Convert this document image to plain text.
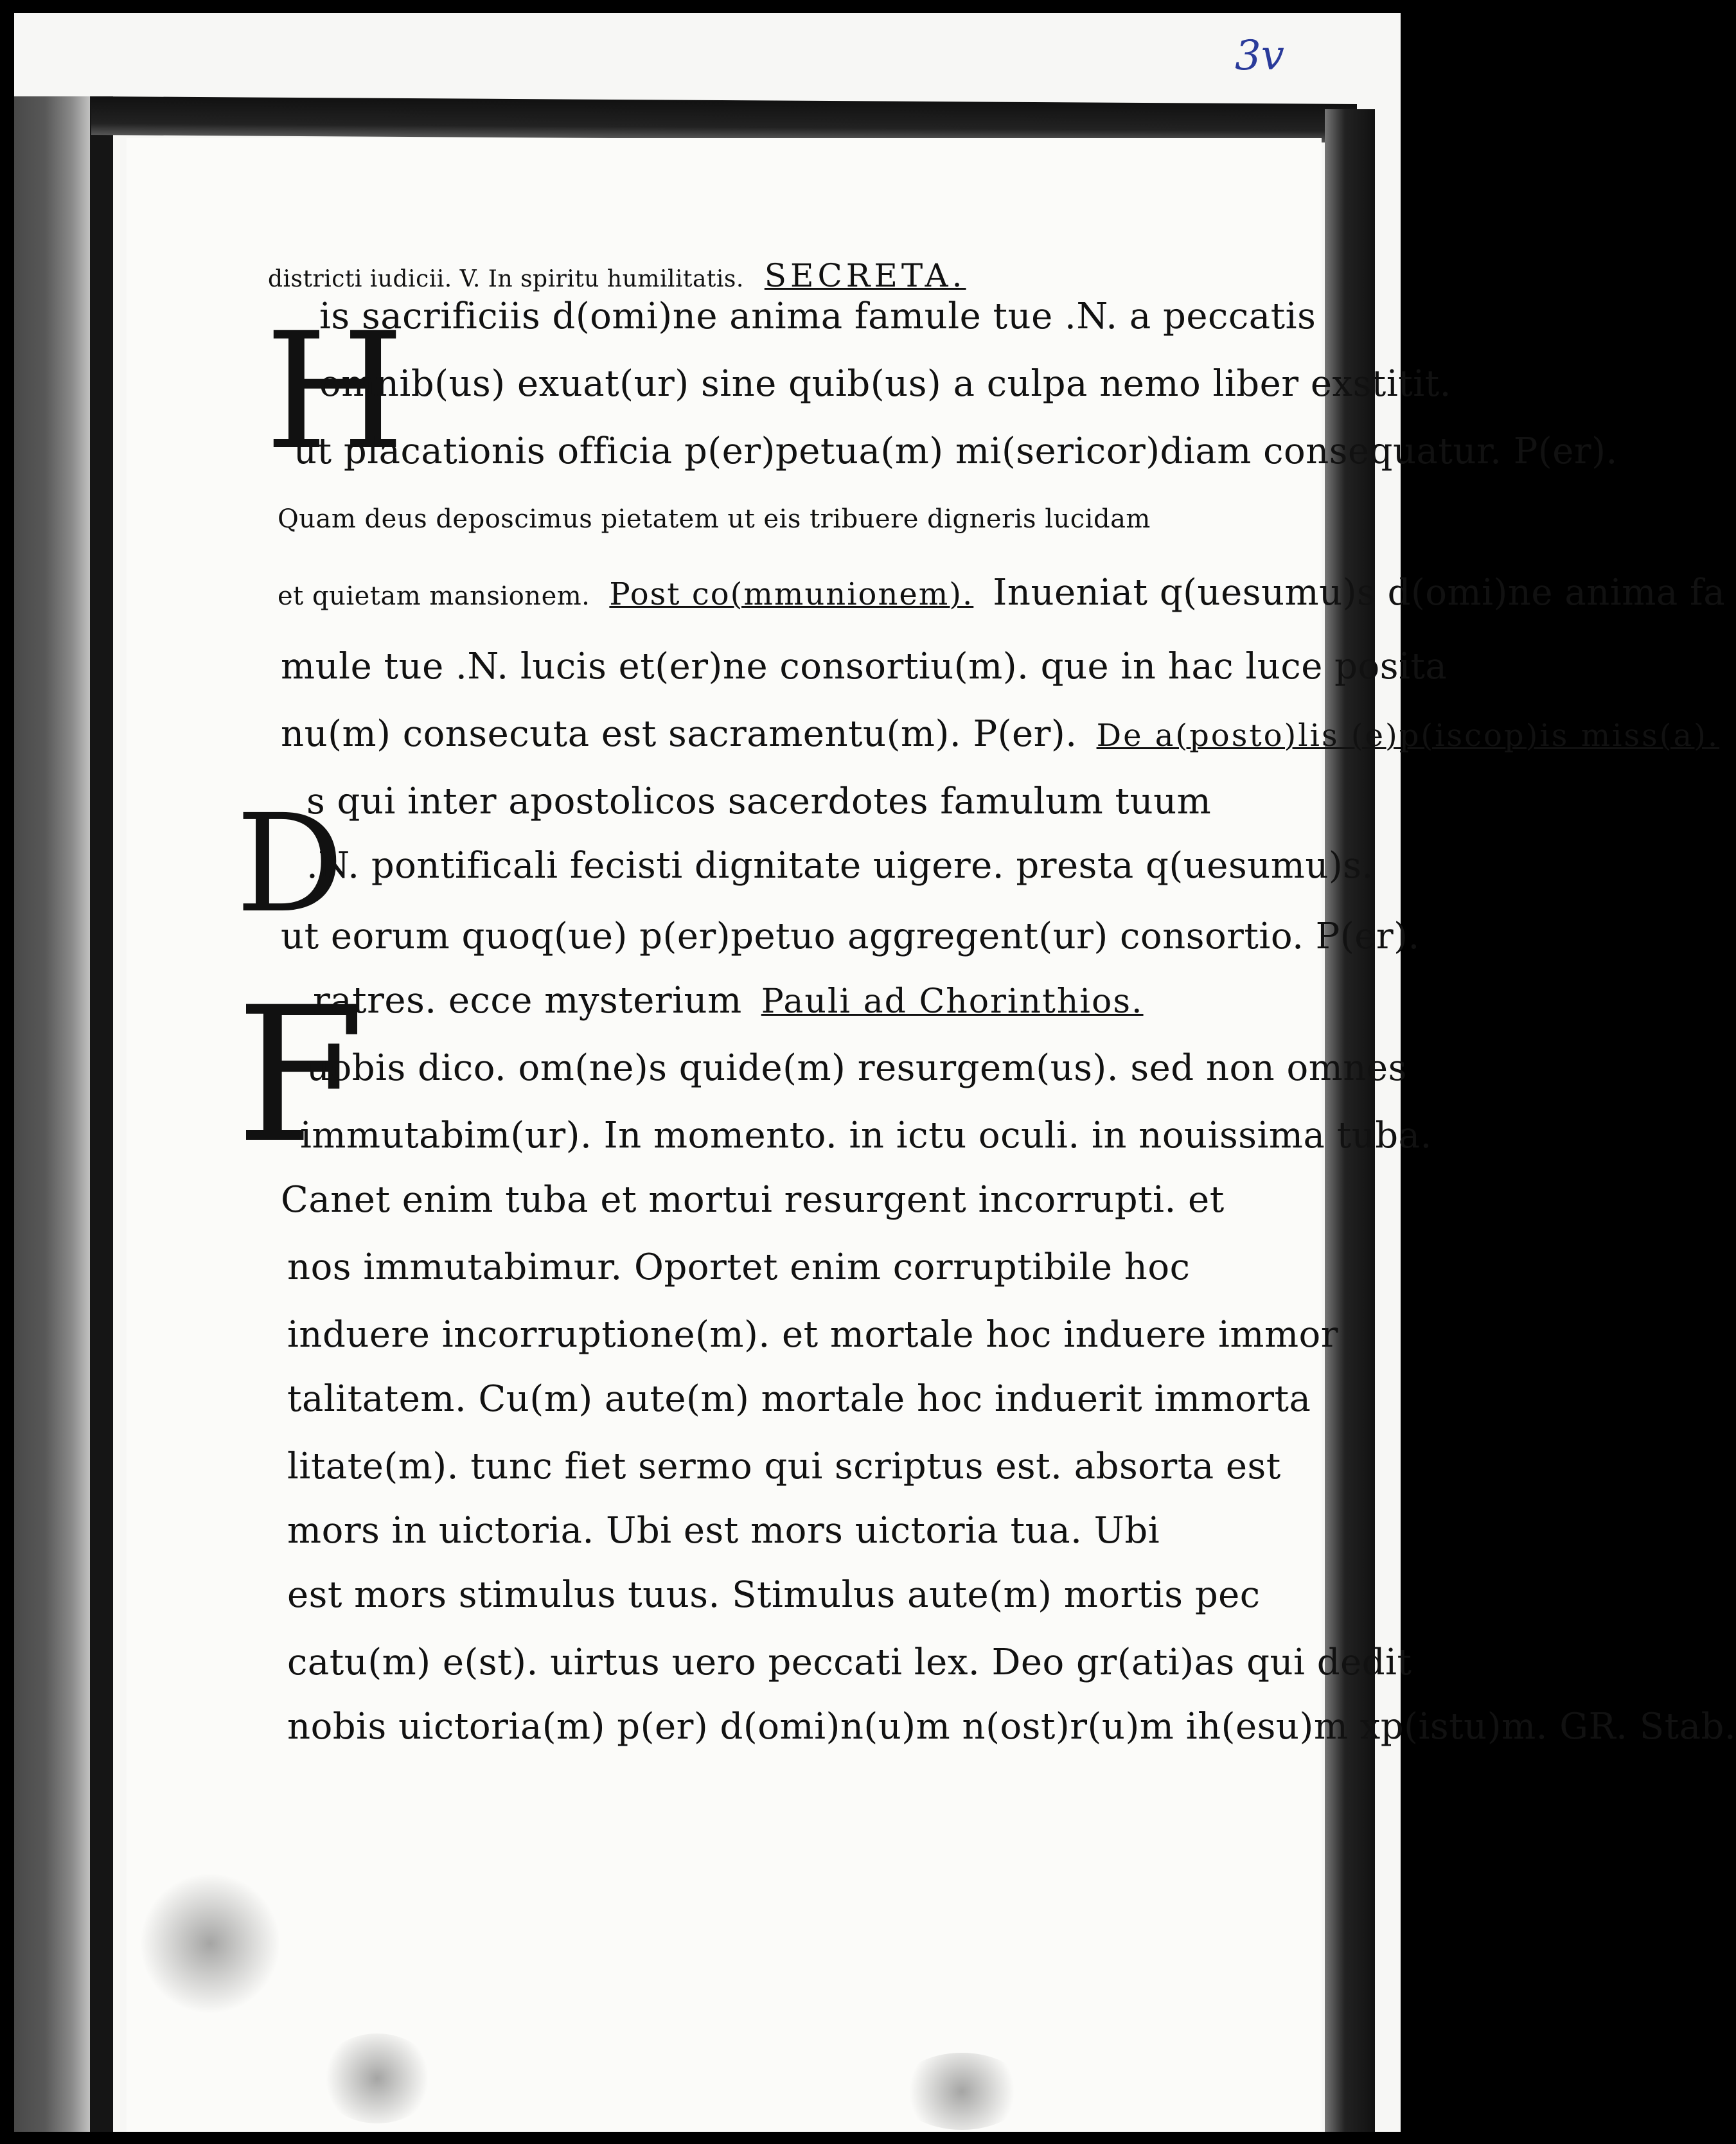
H
D
F
districti iudicii. V. In spiritu humilitatis. SECRETA.
is sacrificiis d(omi)ne anima famule tue .N. a peccatis
omnib(us) exuat(ur) sine quib(us) a culpa nemo liber exstitit.
ut placationis officia p(er)petua(m) mi(sericor)diam consequatur. P(er).
Quam deus deposcimus pietatem ut eis tribuere digneris lucidam
et quietam mansionem. Post co(mmunionem). Inueniat q(uesumu)s d(omi)ne anima fa
mule tue .N. lucis et(er)ne consortiu(m). que in hac luce posita
nu(m) consecuta est sacramentu(m). P(er). De a(posto)lis (e)p(iscop)is miss(a).
s qui inter apostolicos sacerdotes famulum tuum
.N. pontificali fecisti dignitate uigere. presta q(uesumu)s.
ut eorum quoq(ue) p(er)petuo aggregent(ur) consortio. P(er).
ratres. ecce mysterium Pauli ad Chorinthios.
uobis dico. om(ne)s quide(m) resurgem(us). sed non omnes
immutabim(ur). In momento. in ictu oculi. in nouissima tuba.
Canet enim tuba et mortui resurgent incorrupti. et
nos immutabimur. Oportet enim corruptibile hoc
induere incorruptione(m). et mortale hoc induere immor
talitatem. Cu(m) aute(m) mortale hoc induerit immorta
litate(m). tunc fiet sermo qui scriptus est. absorta est
mors in uictoria. Ubi est mors uictoria tua. Ubi
est mors stimulus tuus. Stimulus aute(m) mortis pec
catu(m) e(st). uirtus uero peccati lex. Deo gr(ati)as qui dedit
nobis uictoria(m) p(er) d(omi)n(u)m n(ost)r(u)m ih(esu)m xp(istu)m. GR. Stab.
3v
